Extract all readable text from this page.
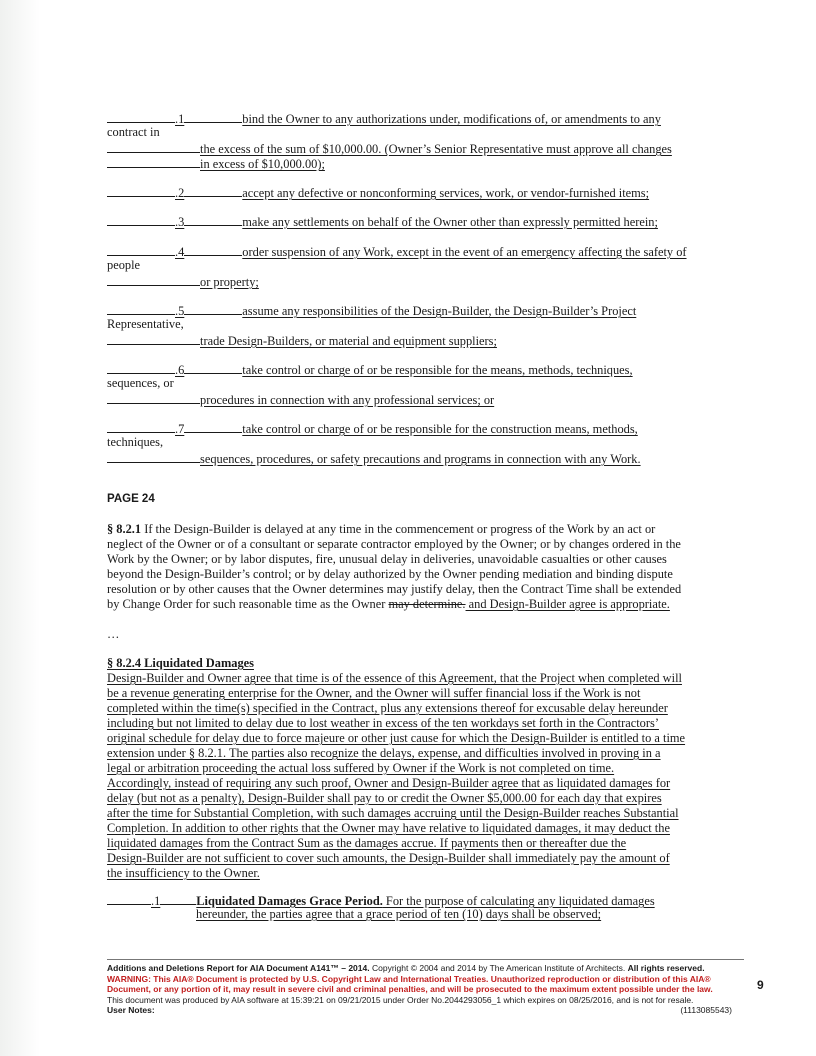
.1	bind the Owner to any authorizations under, modifications of, or amendments to any
contract in
the excess of the sum of $10,000.00. (Owner’s Senior Representative must approve all changes
in excess of $10,000.00);
.2	accept any defective or nonconforming services, work, or vendor-furnished items;
.3	make any settlements on behalf of the Owner other than expressly permitted herein;
.4	order suspension of any Work, except in the event of an emergency affecting the safety of
people
or property;
.5	assume any responsibilities of the Design-Builder, the Design-Builder’s Project
Representative,
trade Design-Builders, or material and equipment suppliers;
.6	take control or charge of or be responsible for the means, methods, techniques,
sequences, or
procedures in connection with any professional services; or
.7	take control or charge of or be responsible for the construction means, methods,
techniques,
sequences, procedures, or safety precautions and programs in connection with any Work.
PAGE 24
§ 8.2.1 If the Design-Builder is delayed at any time in the commencement or progress of the Work by an act or
neglect of the Owner or of a consultant or separate contractor employed by the Owner; or by changes ordered in the
Work by the Owner; or by labor disputes, fire, unusual delay in deliveries, unavoidable casualties or other causes
beyond the Design-Builder’s control; or by delay authorized by the Owner pending mediation and binding dispute
resolution or by other causes that the Owner determines may justify delay, then the Contract Time shall be extended
by Change Order for such reasonable time as the Owner may determine. and Design-Builder agree is appropriate.
…
§ 8.2.4 Liquidated Damages
Design-Builder and Owner agree that time is of the essence of this Agreement, that the Project when completed will
be a revenue generating enterprise for the Owner, and the Owner will suffer financial loss if the Work is not
completed within the time(s) specified in the Contract, plus any extensions thereof for excusable delay hereunder
including but not limited to delay due to lost weather in excess of the ten workdays set forth in the Contractors’
original schedule for delay due to force majeure or other just cause for which the Design-Builder is entitled to a time
extension under § 8.2.1. The parties also recognize the delays, expense, and difficulties involved in proving in a
legal or arbitration proceeding the actual loss suffered by Owner if the Work is not completed on time.
Accordingly, instead of requiring any such proof, Owner and Design-Builder agree that as liquidated damages for
delay (but not as a penalty), Design-Builder shall pay to or credit the Owner $5,000.00 for each day that expires
after the time for Substantial Completion, with such damages accruing until the Design-Builder reaches Substantial
Completion. In addition to other rights that the Owner may have relative to liquidated damages, it may deduct the
liquidated damages from the Contract Sum as the damages accrue. If payments then or thereafter due the
Design-Builder are not sufficient to cover such amounts, the Design-Builder shall immediately pay the amount of
the insufficiency to the Owner.
.1	Liquidated Damages Grace Period. For the purpose of calculating any liquidated damages
hereunder, the parties agree that a grace period of ten (10) days shall be observed;
Additions and Deletions Report for AIA Document A141™ – 2014. Copyright © 2004 and 2014 by The American Institute of Architects. All rights reserved.
WARNING: This AIA® Document is protected by U.S. Copyright Law and International Treaties. Unauthorized reproduction or distribution of this AIA®
Document, or any portion of it, may result in severe civil and criminal penalties, and will be prosecuted to the maximum extent possible under the law.
This document was produced by AIA software at 15:39:21 on 09/21/2015 under Order No.2044293056_1 which expires on 08/25/2016, and is not for resale.
User Notes:	(1113085543)
9
